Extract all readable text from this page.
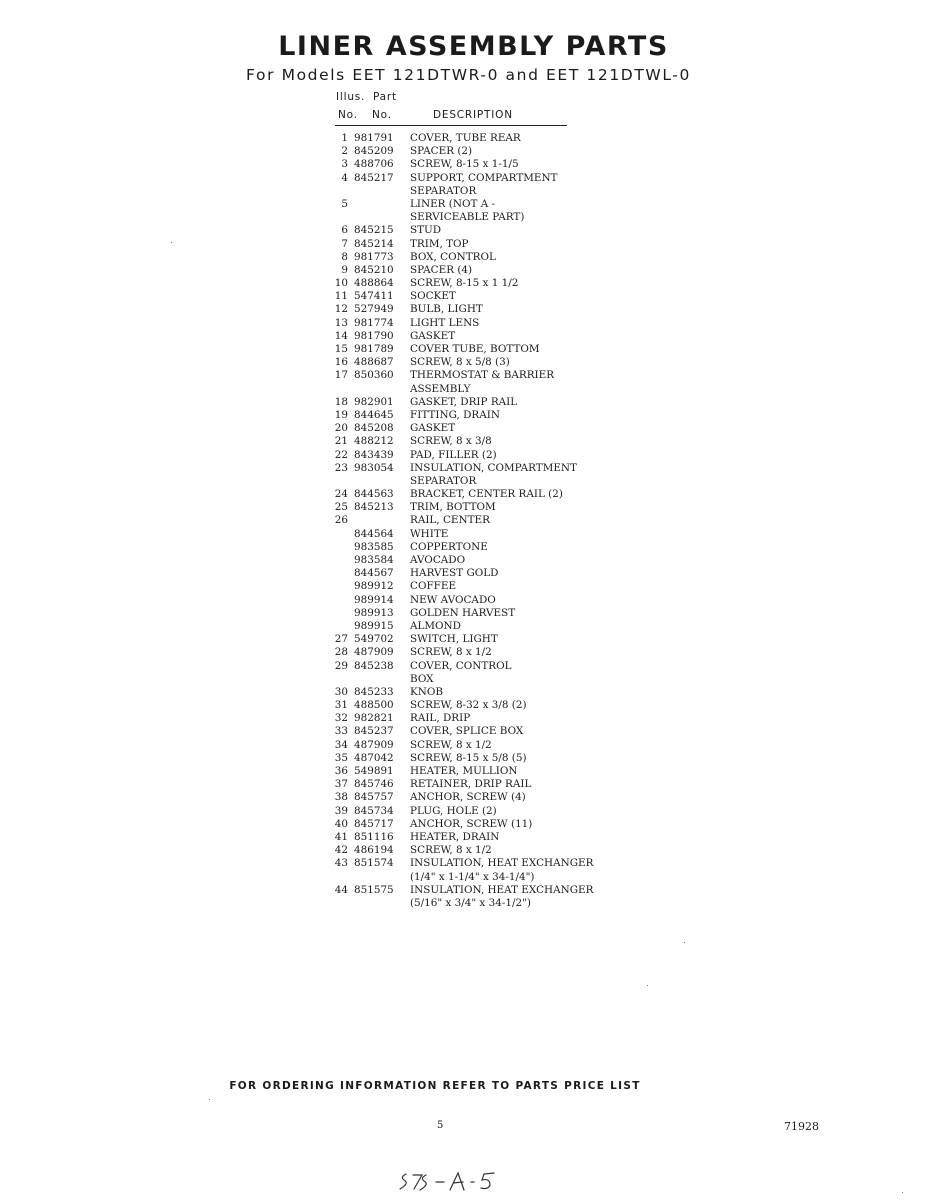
LINER ASSEMBLY PARTS
For Models EET 121DTWR-0 and EET 121DTWL-0
Illus. Part
No. No.	DESCRIPTION
1 981791 COVER, TUBE REAR
2 845209 SPACER (2)
3 488706 SCREW, 8-15 x 1-1/5
4 845217 SUPPORT, COMPARTMENT
SEPARATOR
5	LINER (NOT A -
SERVICEABLE PART)
6 845215 STUD
7 845214 TRIM, TOP
8 981773 BOX, CONTROL
9 845210 SPACER (4)
10 488864 SCREW, 8-15 x 1 1/2
11 547411 SOCKET
12 527949 BULB, LIGHT
13 981774 LIGHT LENS
14 981790 GASKET
15 981789 COVER TUBE, BOTTOM
16 488687 SCREW, 8 x 5/8 (3)
17 850360 THERMOSTAT & BARRIER
ASSEMBLY
18 982901 GASKET, DRIP RAIL
19 844645 FITTING, DRAIN
20 845208 GASKET
21 488212 SCREW, 8 x 3/8
22 843439 PAD, FILLER (2)
23 983054 INSULATION, COMPARTMENT
SEPARATOR
24 844563 BRACKET, CENTER RAIL (2)
25 845213 TRIM, BOTTOM
26	RAIL, CENTER
844564 WHITE
983585 COPPERTONE
983584 AVOCADO
844567 HARVEST GOLD
989912 COFFEE
989914 NEW AVOCADO
989913 GOLDEN HARVEST
989915 ALMOND
27 549702 SWITCH, LIGHT
28 487909 SCREW, 8 x 1/2
29 845238 COVER, CONTROL
BOX
30 845233 KNOB
31 488500 SCREW, 8-32 x 3/8 (2)
32 982821 RAIL, DRIP
33 845237 COVER, SPLICE BOX
34 487909 SCREW, 8 x 1/2
35 487042 SCREW, 8-15 x 5/8 (5)
36 549891 HEATER, MULLION
37 845746 RETAINER, DRIP RAIL
38 845757 ANCHOR, SCREW (4)
39 845734 PLUG, HOLE (2)
40 845717 ANCHOR, SCREW (11)
41 851116 HEATER, DRAIN
42 486194 SCREW, 8 x 1/2
43 851574 INSULATION, HEAT EXCHANGER
(1/4" x 1-1/4" x 34-1/4")
44 851575 INSULATION, HEAT EXCHANGER
(5/16" x 3/4" x 34-1/2")
FOR ORDERING INFORMATION REFER TO PARTS PRICE LIST
5	71928
